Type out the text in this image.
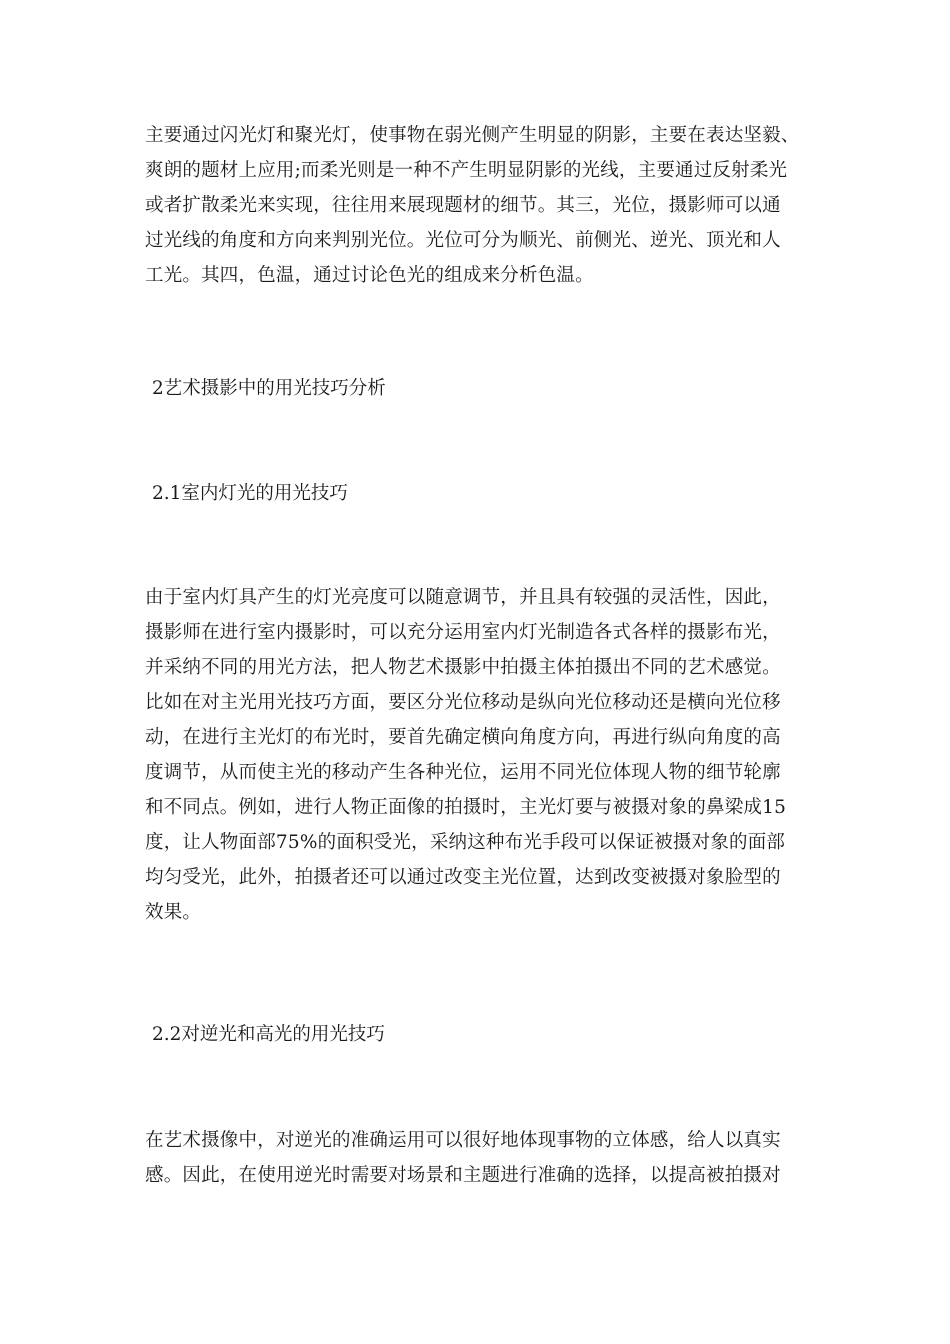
主要通过闪光灯和聚光灯，使事物在弱光侧产生明显的阴影，主要在表达坚毅、
爽朗的题材上应用;而柔光则是一种不产生明显阴影的光线，主要通过反射柔光
或者扩散柔光来实现，往往用来展现题材的细节。其三，光位，摄影师可以通
过光线的角度和方向来判别光位。光位可分为顺光、前侧光、逆光、顶光和人
工光。其四，色温，通过讨论色光的组成来分析色温。
2艺术摄影中的用光技巧分析
2.1室内灯光的用光技巧
由于室内灯具产生的灯光亮度可以随意调节，并且具有较强的灵活性，因此，
摄影师在进行室内摄影时，可以充分运用室内灯光制造各式各样的摄影布光，
并采纳不同的用光方法，把人物艺术摄影中拍摄主体拍摄出不同的艺术感觉。
比如在对主光用光技巧方面，要区分光位移动是纵向光位移动还是横向光位移
动，在进行主光灯的布光时，要首先确定横向角度方向，再进行纵向角度的高
度调节，从而使主光的移动产生各种光位，运用不同光位体现人物的细节轮廓
和不同点。例如，进行人物正面像的拍摄时，主光灯要与被摄对象的鼻梁成15
度，让人物面部75%的面积受光，采纳这种布光手段可以保证被摄对象的面部
均匀受光，此外，拍摄者还可以通过改变主光位置，达到改变被摄对象脸型的
效果。
2.2对逆光和高光的用光技巧
在艺术摄像中，对逆光的准确运用可以很好地体现事物的立体感，给人以真实
感。因此，在使用逆光时需要对场景和主题进行准确的选择，以提高被拍摄对
